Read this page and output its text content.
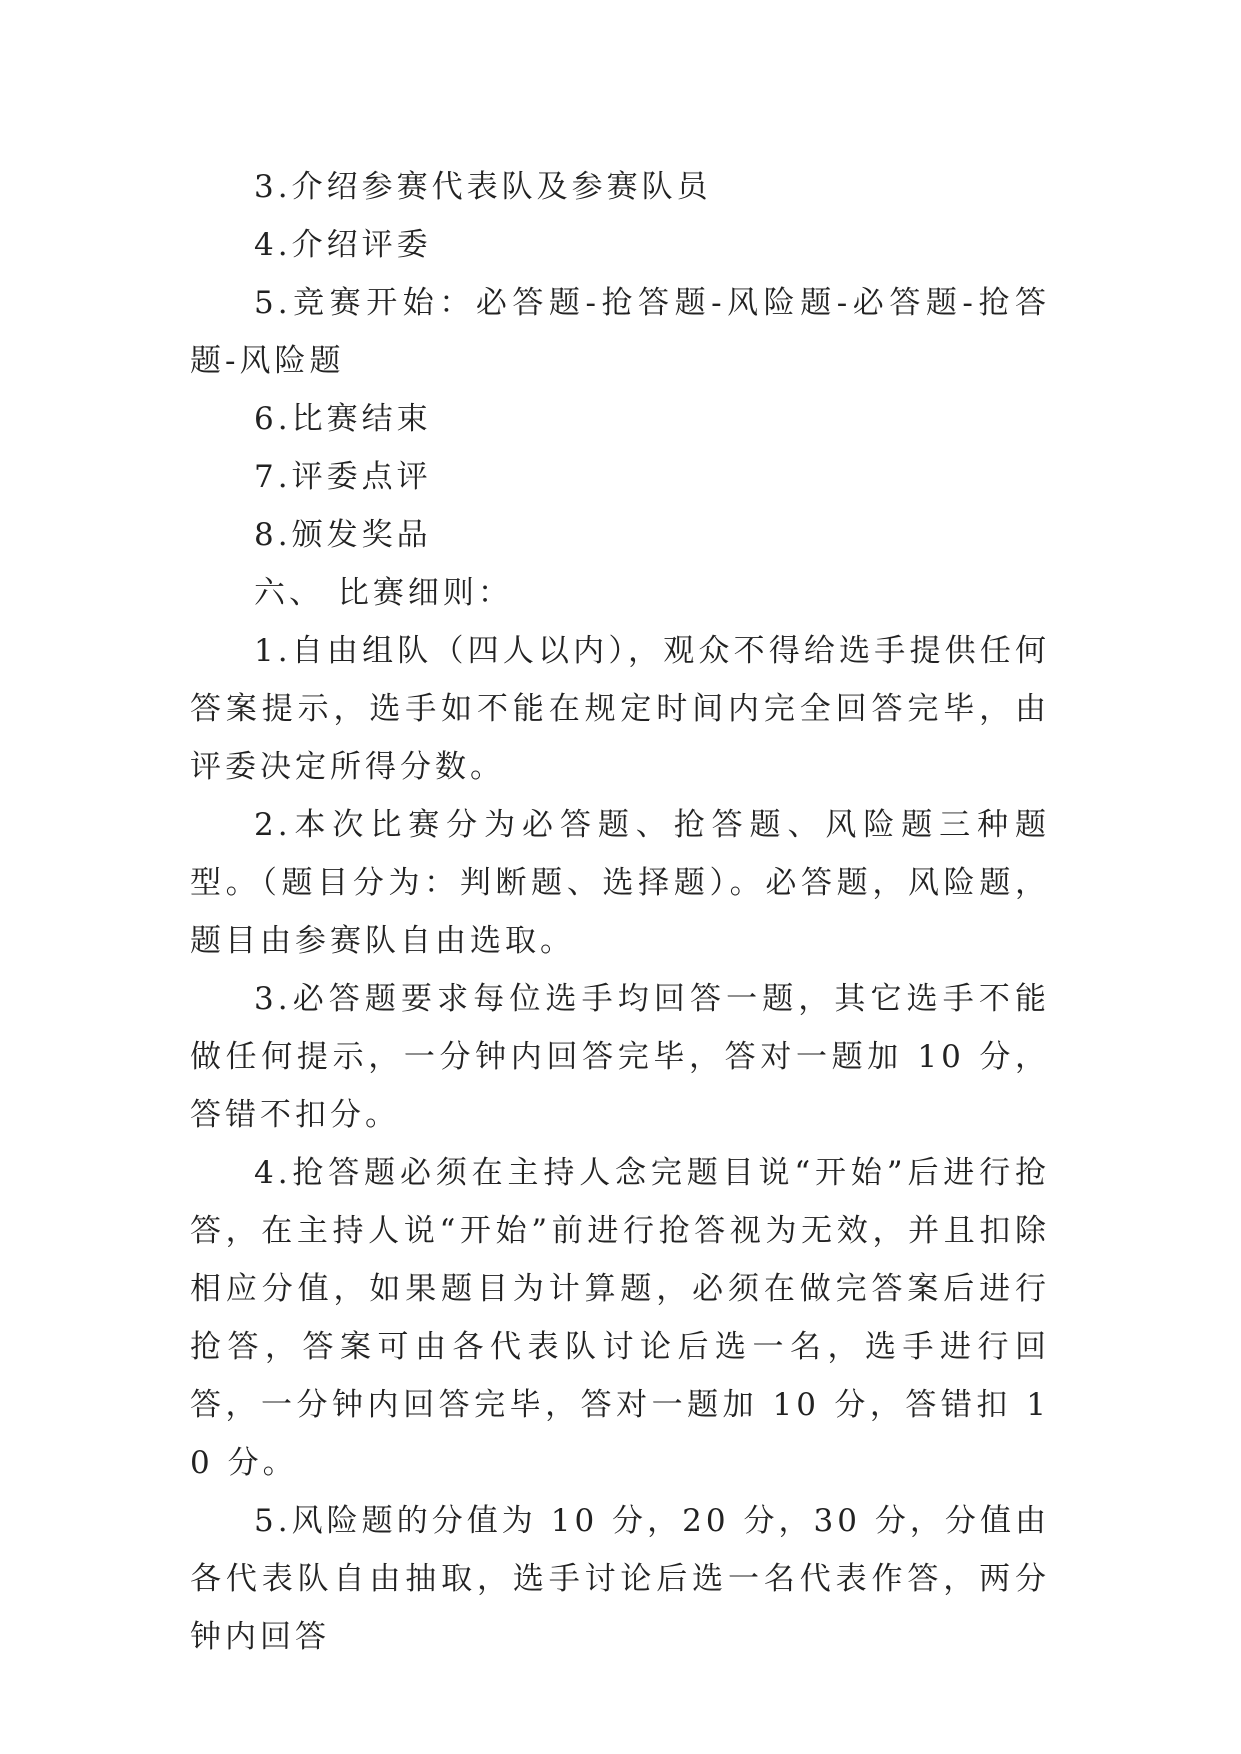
3.介绍参赛代表队及参赛队员

4.介绍评委

5.竞赛开始：必答题-抢答题-风险题-必答题-抢答题-风险题

6.比赛结束

7.评委点评

8.颁发奖品

六、 比赛细则：

1.自由组队（四人以内），观众不得给选手提供任何答案提示，选手如不能在规定时间内完全回答完毕，由评委决定所得分数。

2.本次比赛分为必答题、抢答题、风险题三种题型。（题目分为：判断题、选择题）。必答题，风险题，题目由参赛队自由选取。

3.必答题要求每位选手均回答一题，其它选手不能做任何提示，一分钟内回答完毕，答对一题加 10 分，答错不扣分。

4.抢答题必须在主持人念完题目说“开始”后进行抢答，在主持人说“开始”前进行抢答视为无效，并且扣除相应分值，如果题目为计算题，必须在做完答案后进行抢答，答案可由各代表队讨论后选一名，选手进行回答，一分钟内回答完毕，答对一题加 10 分，答错扣 10 分。

5.风险题的分值为 10 分，20 分，30 分，分值由各代表队自由抽取，选手讨论后选一名代表作答，两分钟内回答
